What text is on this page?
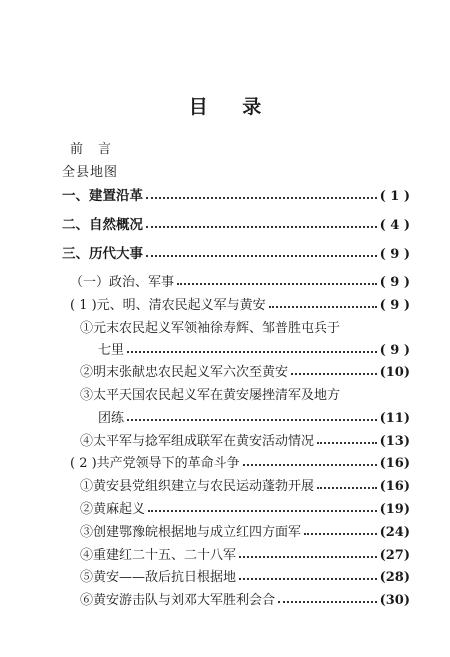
目 录
前　言
全县地图
一、建置沿革	( 1 )
二、自然概况	( 4 )
三、历代大事	( 9 )
（一）政治、军事	( 9 )
( 1 )元、明、清农民起义军与黄安	( 9 )
①元末农民起义军领袖徐寿辉、邹普胜屯兵于
七里	( 9 )
②明末张献忠农民起义军六次至黄安	(10)
③太平天国农民起义军在黄安屡挫清军及地方
团练	(11)
④太平军与捻军组成联军在黄安活动情况	(13)
( 2 )共产党领导下的革命斗争	(16)
①黄安县党组织建立与农民运动蓬勃开展	(16)
②黄麻起义	(19)
③创建鄂豫皖根据地与成立红四方面军	(24)
④重建红二十五、二十八军	(27)
⑤黄安——敌后抗日根据地	(28)
⑥黄安游击队与刘邓大军胜利会合	(30)
